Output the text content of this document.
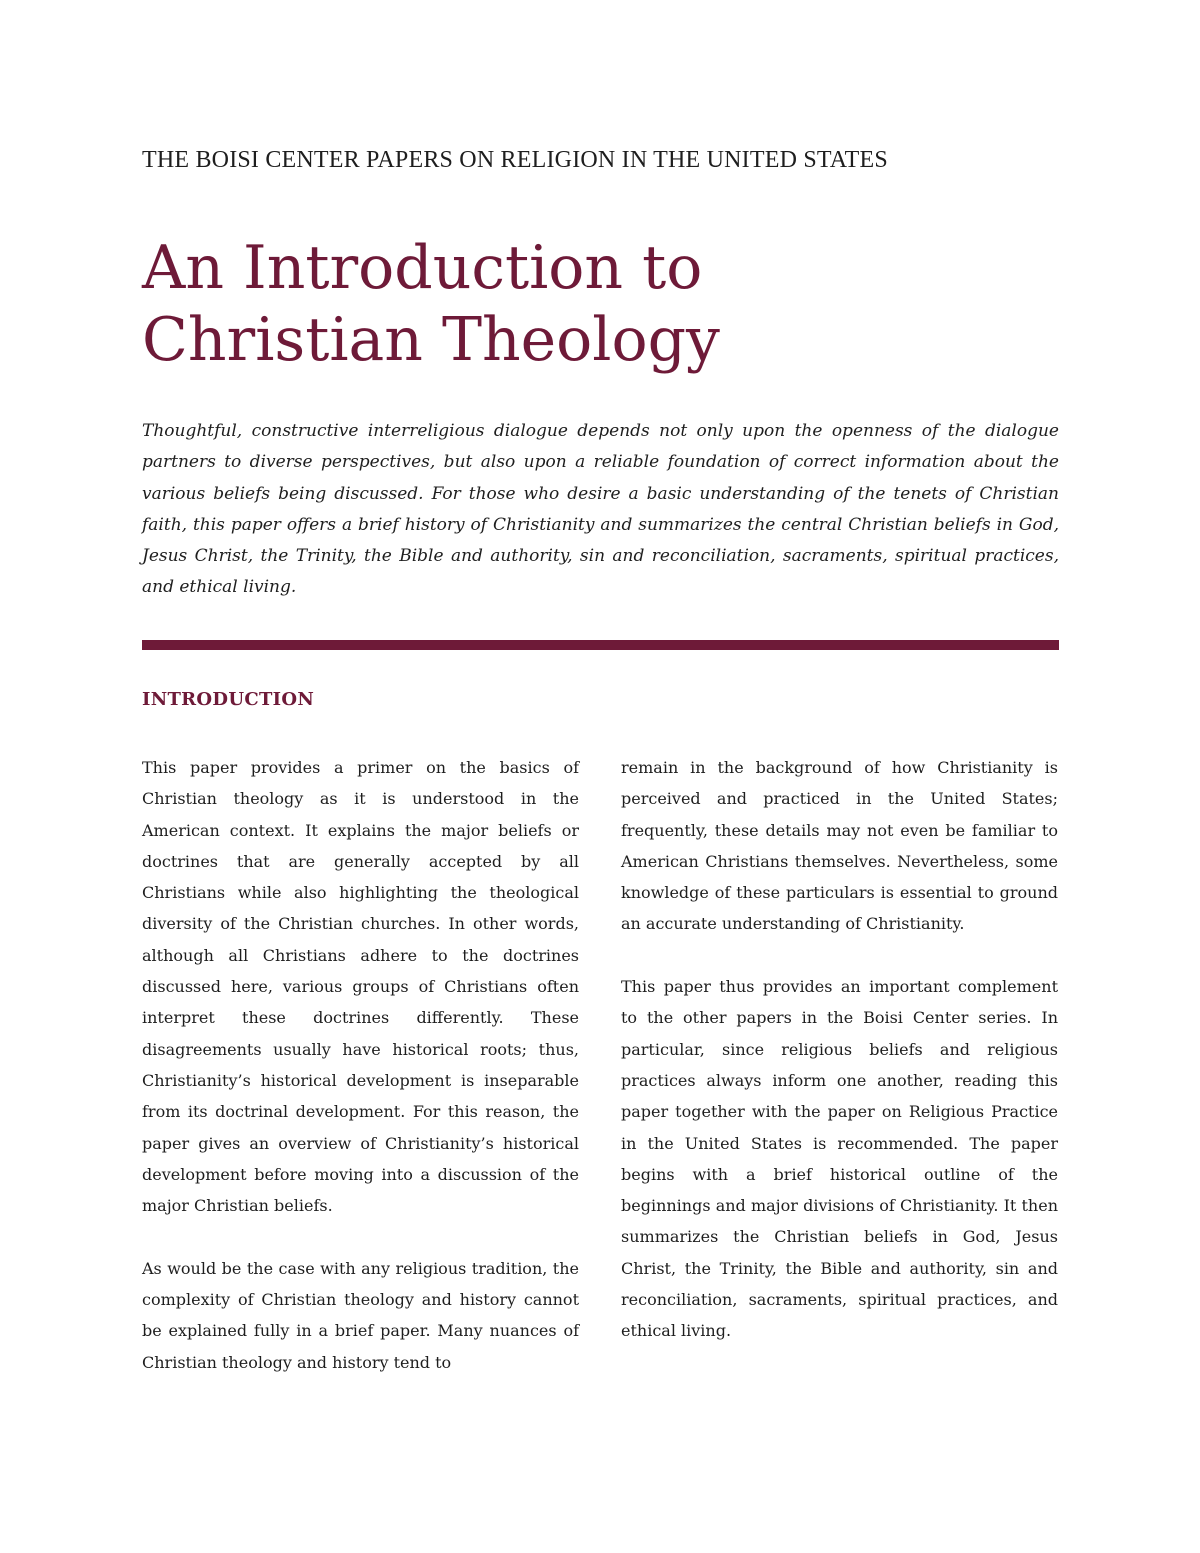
THE BOISI CENTER PAPERS ON RELIGION IN THE UNITED STATES
An Introduction to
Christian Theology
Thoughtful, constructive interreligious dialogue depends not only upon the openness of the dialogue partners to diverse perspectives, but also upon a reliable foundation of correct information about the various beliefs being discussed. For those who desire a basic understanding of the tenets of Christian faith, this paper offers a brief history of Christianity and summarizes the central Christian beliefs in God, Jesus Christ, the Trinity, the Bible and authority, sin and reconciliation, sacraments, spiritual practices, and ethical living.
INTRODUCTION

This paper provides a primer on the basics of Christian theology as it is understood in the American context. It explains the major beliefs or doctrines that are generally accepted by all Christians while also highlighting the theological diversity of the Christian churches. In other words, although all Christians adhere to the doctrines discussed here, various groups of Christians often interpret these doctrines differently. These disagreements usually have historical roots; thus, Christianity’s historical development is inseparable from its doctrinal development. For this reason, the paper gives an overview of Christianity’s historical development before moving into a discussion of the major Christian beliefs.

As would be the case with any religious tradition, the complexity of Christian theology and history cannot be explained fully in a brief paper. Many nuances of Christian theology and history tend to

remain in the background of how Christianity is perceived and practiced in the United States; frequently, these details may not even be familiar to American Christians themselves. Nevertheless, some knowledge of these particulars is essential to ground an accurate understanding of Christianity.

This paper thus provides an important complement to the other papers in the Boisi Center series. In particular, since religious beliefs and religious practices always inform one another, reading this paper together with the paper on Religious Practice in the United States is recommended. The paper begins with a brief historical outline of the beginnings and major divisions of Christianity. It then summarizes the Christian beliefs in God, Jesus Christ, the Trinity, the Bible and authority, sin and reconciliation, sacraments, spiritual practices, and ethical living.
